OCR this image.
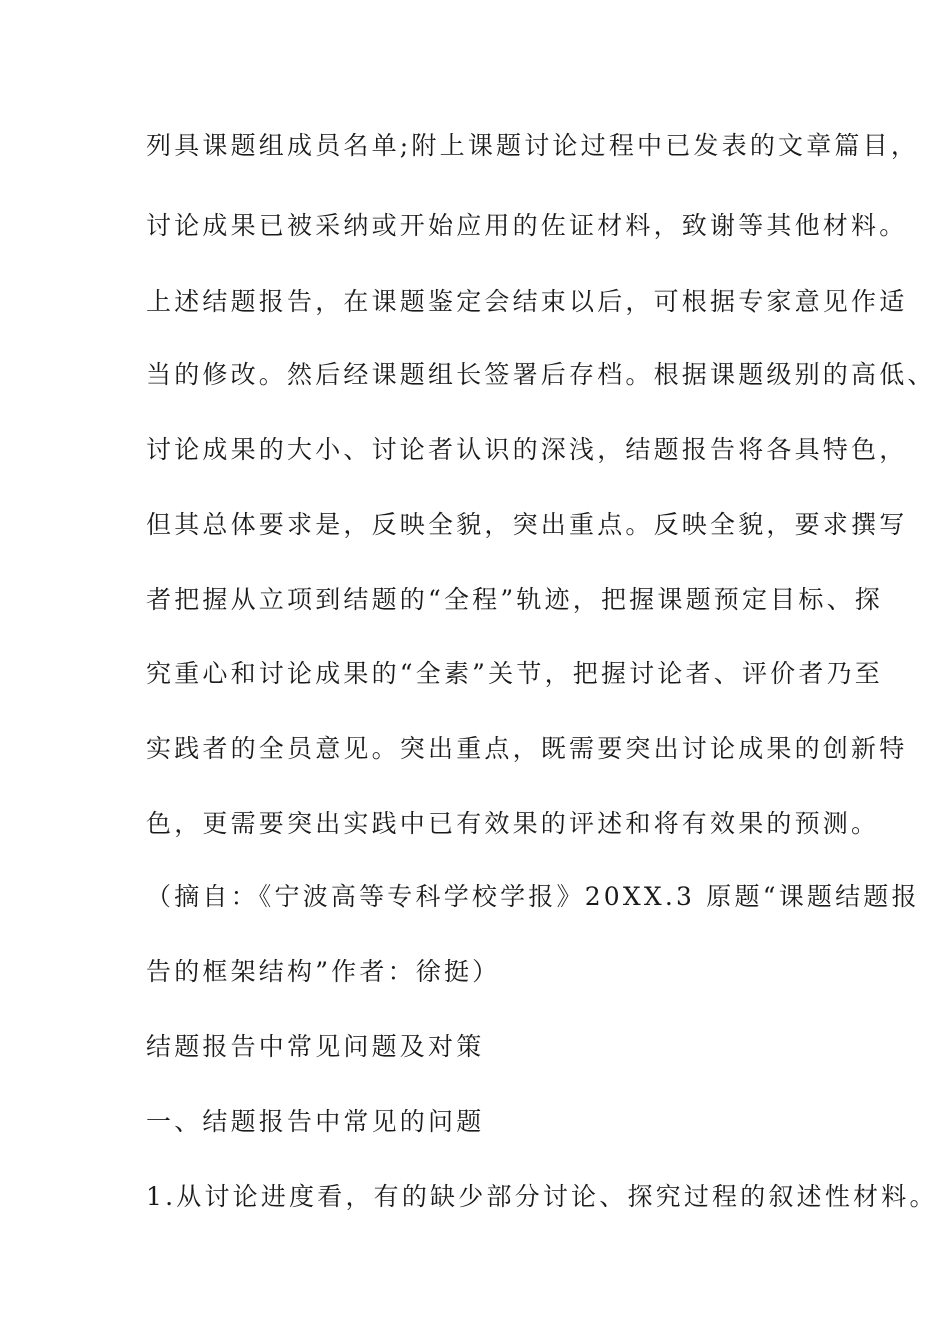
列具课题组成员名单;附上课题讨论过程中已发表的文章篇目，
讨论成果已被采纳或开始应用的佐证材料，致谢等其他材料。
上述结题报告，在课题鉴定会结束以后，可根据专家意见作适
当的修改。然后经课题组长签署后存档。根据课题级别的高低、
讨论成果的大小、讨论者认识的深浅，结题报告将各具特色，
但其总体要求是，反映全貌，突出重点。反映全貌，要求撰写
者把握从立项到结题的“全程”轨迹，把握课题预定目标、探
究重心和讨论成果的“全素”关节，把握讨论者、评价者乃至
实践者的全员意见。突出重点，既需要突出讨论成果的创新特
色，更需要突出实践中已有效果的评述和将有效果的预测。
（摘自：《宁波高等专科学校学报》20XX.3 原题“课题结题报
告的框架结构”作者：徐挺）
结题报告中常见问题及对策
一、结题报告中常见的问题
1.从讨论进度看，有的缺少部分讨论、探究过程的叙述性材料。
